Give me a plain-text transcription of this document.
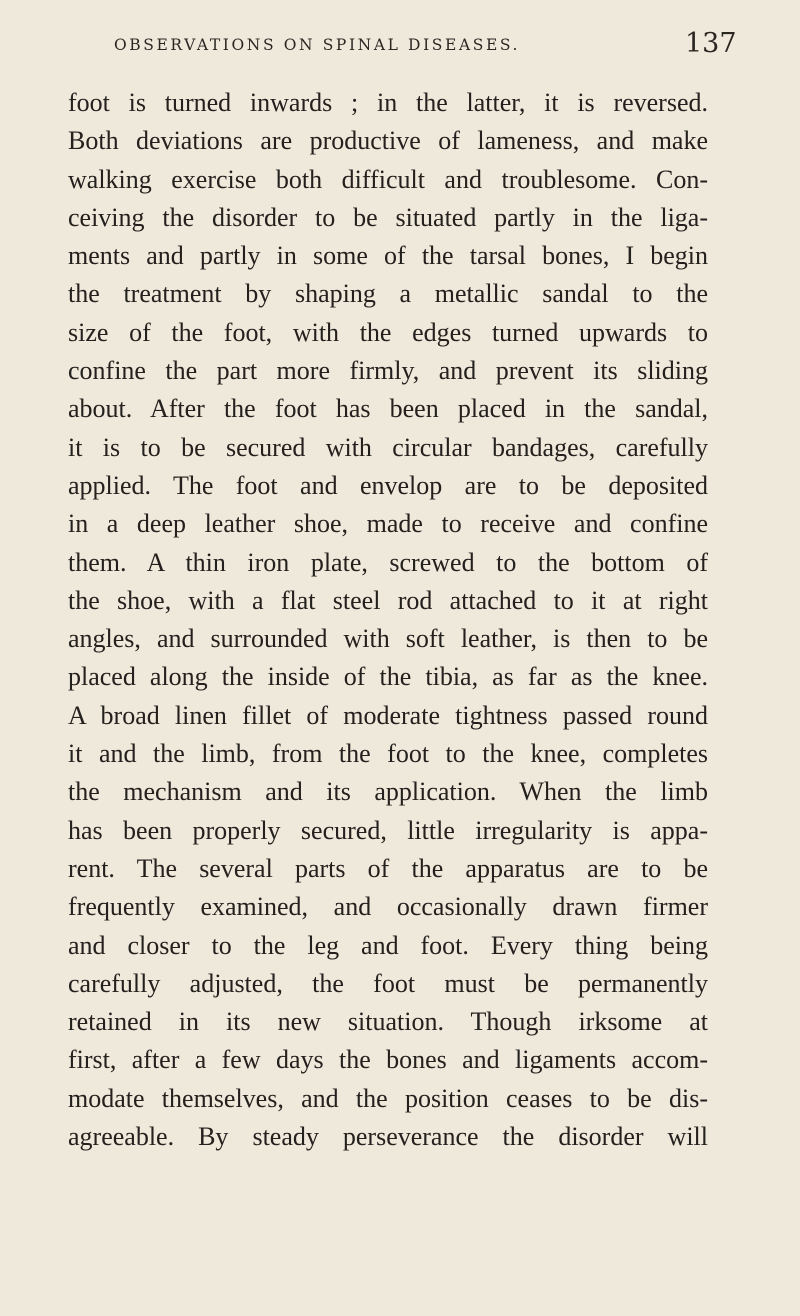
OBSERVATIONS ON SPINAL DISEASES.	137
foot is turned inwards ; in the latter, it is reversed.
Both deviations are productive of lameness, and make
walking exercise both difficult and troublesome. Con-
ceiving the disorder to be situated partly in the liga-
ments and partly in some of the tarsal bones, I begin
the treatment by shaping a metallic sandal to the
size of the foot, with the edges turned upwards to
confine the part more firmly, and prevent its sliding
about. After the foot has been placed in the sandal,
it is to be secured with circular bandages, carefully
applied. The foot and envelop are to be deposited
in a deep leather shoe, made to receive and confine
them. A thin iron plate, screwed to the bottom of
the shoe, with a flat steel rod attached to it at right
angles, and surrounded with soft leather, is then to be
placed along the inside of the tibia, as far as the knee.
A broad linen fillet of moderate tightness passed round
it and the limb, from the foot to the knee, completes
the mechanism and its application. When the limb
has been properly secured, little irregularity is appa-
rent. The several parts of the apparatus are to be
frequently examined, and occasionally drawn firmer
and closer to the leg and foot. Every thing being
carefully adjusted, the foot must be permanently
retained in its new situation. Though irksome at
first, after a few days the bones and ligaments accom-
modate themselves, and the position ceases to be dis-
agreeable. By steady perseverance the disorder will
